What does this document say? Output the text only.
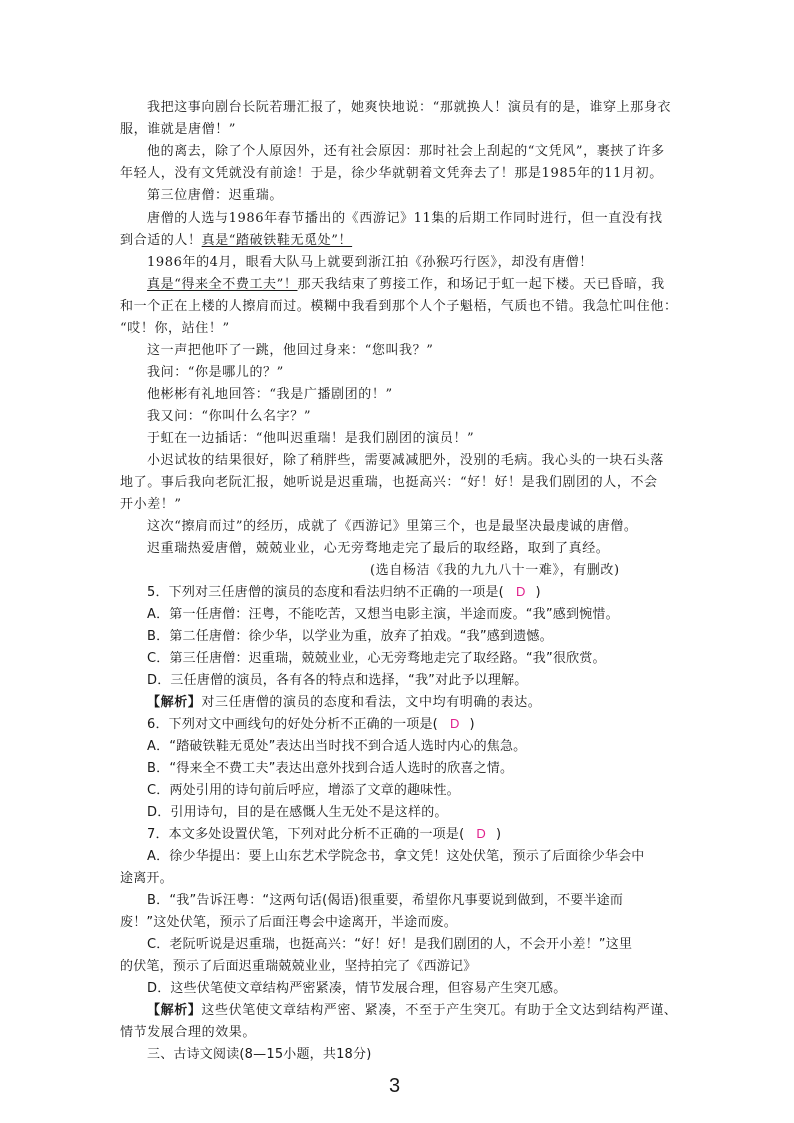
我把这事向剧台长阮若珊汇报了，她爽快地说：“那就换人！演员有的是，谁穿上那身衣
服，谁就是唐僧！”
他的离去，除了个人原因外，还有社会原因：那时社会上刮起的“文凭风”，裹挟了许多
年轻人，没有文凭就没有前途！于是，徐少华就朝着文凭奔去了！那是1985年的11月初。
第三位唐僧：迟重瑞。
唐僧的人选与1986年春节播出的《西游记》11集的后期工作同时进行，但一直没有找
到合适的人！真是“踏破铁鞋无觅处”！
1986年的4月，眼看大队马上就要到浙江拍《孙猴巧行医》，却没有唐僧！
真是“得来全不费工夫”！那天我结束了剪接工作，和场记于虹一起下楼。天已昏暗，我
和一个正在上楼的人擦肩而过。模糊中我看到那个人个子魁梧，气质也不错。我急忙叫住他：
“哎！你，站住！”
这一声把他吓了一跳，他回过身来：“您叫我？”
我问：“你是哪儿的？”
他彬彬有礼地回答：“我是广播剧团的！”
我又问：“你叫什么名字？”
于虹在一边插话：“他叫迟重瑞！是我们剧团的演员！”
小迟试妆的结果很好，除了稍胖些，需要减减肥外，没别的毛病。我心头的一块石头落
地了。事后我向老阮汇报，她听说是迟重瑞，也挺高兴：“好！好！是我们剧团的人，不会
开小差！”
这次“擦肩而过”的经历，成就了《西游记》里第三个，也是最坚决最虔诚的唐僧。
迟重瑞热爱唐僧，兢兢业业，心无旁骛地走完了最后的取经路，取到了真经。
(选自杨洁《我的九九八十一难》，有删改)
5．下列对三任唐僧的演员的态度和看法归纳不正确的一项是( D )
A．第一任唐僧：汪粤，不能吃苦，又想当电影主演，半途而废。“我”感到惋惜。
B．第二任唐僧：徐少华，以学业为重，放弃了拍戏。“我”感到遗憾。
C．第三任唐僧：迟重瑞，兢兢业业，心无旁骛地走完了取经路。“我”很欣赏。
D．三任唐僧的演员，各有各的特点和选择，“我”对此予以理解。
【解析】对三任唐僧的演员的态度和看法，文中均有明确的表达。
6．下列对文中画线句的好处分析不正确的一项是( D )
A．“踏破铁鞋无觅处”表达出当时找不到合适人选时内心的焦急。
B．“得来全不费工夫”表达出意外找到合适人选时的欣喜之情。
C．两处引用的诗句前后呼应，增添了文章的趣味性。
D．引用诗句，目的是在感慨人生无处不是这样的。
7．本文多处设置伏笔，下列对此分析不正确的一项是( D )
A．徐少华提出：要上山东艺术学院念书，拿文凭！这处伏笔，预示了后面徐少华会中
途离开。
B．“我”告诉汪粤：“这两句话(偈语)很重要，希望你凡事要说到做到，不要半途而
废！”这处伏笔，预示了后面汪粤会中途离开，半途而废。
C．老阮听说是迟重瑞，也挺高兴：“好！好！是我们剧团的人，不会开小差！”这里
的伏笔，预示了后面迟重瑞兢兢业业，坚持拍完了《西游记》
D．这些伏笔使文章结构严密紧凑，情节发展合理，但容易产生突兀感。
【解析】这些伏笔使文章结构严密、紧凑，不至于产生突兀。有助于全文达到结构严谨、
情节发展合理的效果。
三、古诗文阅读(8—15小题，共18分)
3
